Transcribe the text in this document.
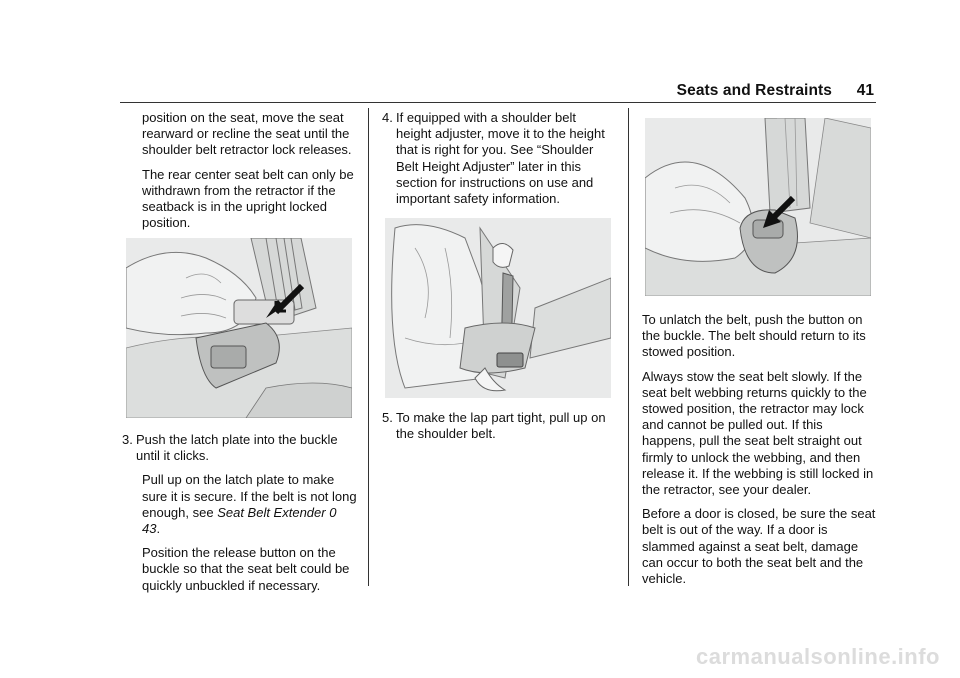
Seats and Restraints 41

position on the seat, move the seat rearward or recline the seat until the shoulder belt retractor lock releases.

The rear center seat belt can only be withdrawn from the retractor if the seatback is in the upright locked position.

3. Push the latch plate into the buckle until it clicks.

Pull up on the latch plate to make sure it is secure. If the belt is not long enough, see Seat Belt Extender 0 43.

Position the release button on the buckle so that the seat belt could be quickly unbuckled if necessary.

4. If equipped with a shoulder belt height adjuster, move it to the height that is right for you. See “Shoulder Belt Height Adjuster” later in this section for instructions on use and important safety information.
5. To make the lap part tight, pull up on the shoulder belt.

To unlatch the belt, push the button on the buckle. The belt should return to its stowed position.

Always stow the seat belt slowly. If the seat belt webbing returns quickly to the stowed position, the retractor may lock and cannot be pulled out. If this happens, pull the seat belt straight out firmly to unlock the webbing, and then release it. If the webbing is still locked in the retractor, see your dealer.

Before a door is closed, be sure the seat belt is out of the way. If a door is slammed against a seat belt, damage can occur to both the seat belt and the vehicle.

carmanualsonline.info
